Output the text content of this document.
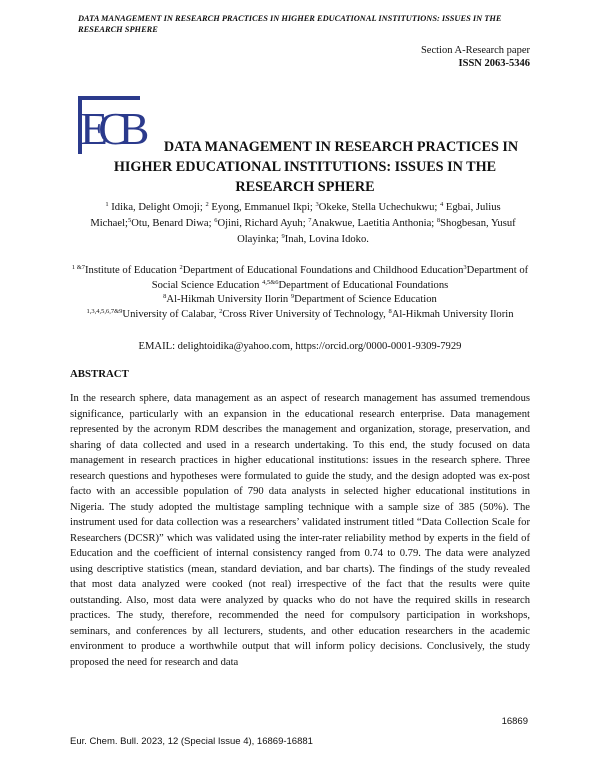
DATA MANAGEMENT IN RESEARCH PRACTICES IN HIGHER EDUCATIONAL INSTITUTIONS: ISSUES IN THE RESEARCH SPHERE
Section A-Research paper
ISSN 2063-5346
ECB	DATA MANAGEMENT IN RESEARCH PRACTICES IN HIGHER EDUCATIONAL INSTITUTIONS: ISSUES IN THE RESEARCH SPHERE
$^1$ Idika, Delight Omoji; $^2$ Eyong, Emmanuel Ikpi; $^3$Okeke, Stella Uchechukwu; $^4$ Egbai, Julius Michael;$^5$Otu, Benard Diwa; $^6$Ojini, Richard Ayuh; $^7$Anakwue, Laetitia Anthonia; $^8$Shogbesan, Yusuf Olayinka; $^9$Inah, Lovina Idoko.
$^{1 \&7}$Institute of Education $^2$Department of Educational Foundations and Childhood Education$^3$Department of Social Science Education $^{4,5\&6}$Department of Educational Foundations
$^8$Al-Hikmah University Ilorin $^9$Department of Science Education
$^{1,3,4,5,6,7\&9}$University of Calabar, $^2$Cross River University of Technology, $^8$Al-Hikmah University Ilorin
EMAIL: delightoidika@yahoo.com, https://orcid.org/0000-0001-9309-7929
ABSTRACT
In the research sphere, data management as an aspect of research management has assumed tremendous significance, particularly with an expansion in the educational research enterprise. Data management represented by the acronym RDM describes the management and organization, storage, preservation, and sharing of data collected and used in a research undertaking. To this end, the study focused on data management in research practices in higher educational institutions: issues in the research sphere. Three research questions and hypotheses were formulated to guide the study, and the design adopted was ex-post facto with an accessible population of 790 data analysts in selected higher educational institutions in Nigeria. The study adopted the multistage sampling technique with a sample size of 385 (50%). The instrument used for data collection was a researchers’ validated instrument titled “Data Collection Scale for Researchers (DCSR)” which was validated using the inter-rater reliability method by experts in the field of Education and the coefficient of internal consistency ranged from 0.74 to 0.79. The data were analyzed using descriptive statistics (mean, standard deviation, and bar charts). The findings of the study revealed that most data analyzed were cooked (not real) irrespective of the fact that the results were quite outstanding. Also, most data were analyzed by quacks who do not have the required skills in research practices. The study, therefore, recommended the need for compulsory participation in workshops, seminars, and conferences by all lecturers, students, and other education researchers in the academic environment to produce a worthwhile output that will inform policy decisions. Conclusively, the study proposed the need for research and data
16869
Eur. Chem. Bull. 2023, 12 (Special Issue 4), 16869-16881
